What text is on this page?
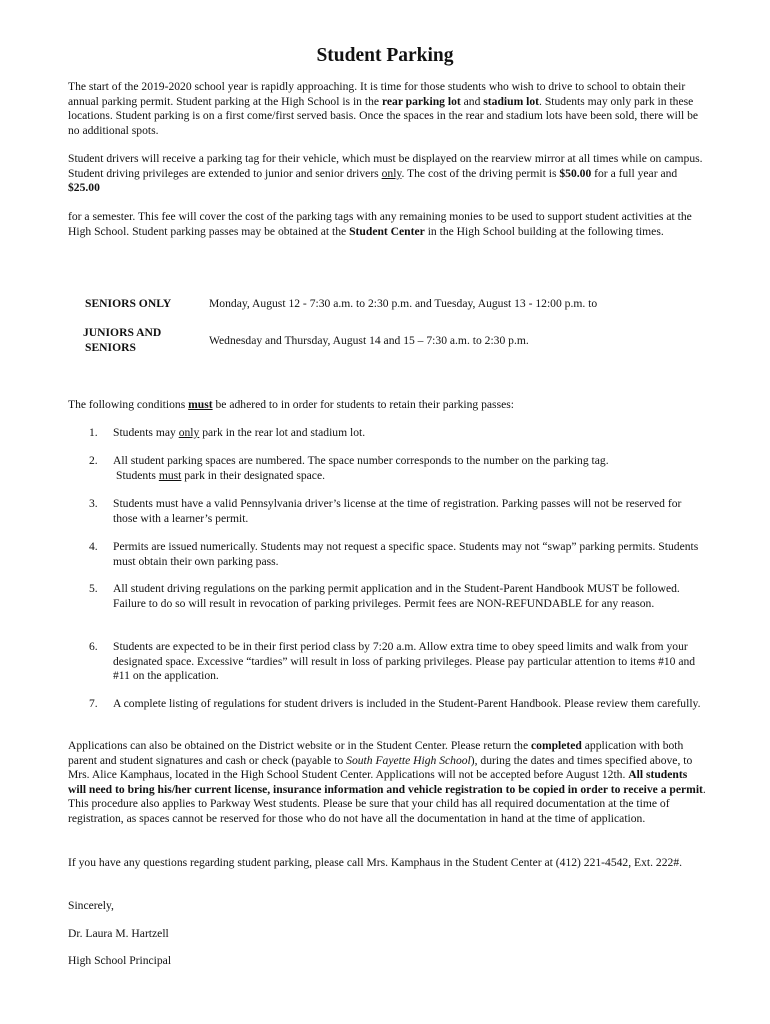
Student Parking

The start of the 2019-2020 school year is rapidly approaching. It is time for those students who wish to drive to school to obtain their annual parking permit. Student parking at the High School is in the rear parking lot and stadium lot. Students may only park in these locations. Student parking is on a first come/first served basis. Once the spaces in the rear and stadium lots have been sold, there will be no additional spots.

Student drivers will receive a parking tag for their vehicle, which must be displayed on the rearview mirror at all times while on campus. Student driving privileges are extended to junior and senior drivers only. The cost of the driving permit is $50.00 for a full year and $25.00

for a semester. This fee will cover the cost of the parking tags with any remaining monies to be used to support student activities at the High School. Student parking passes may be obtained at the Student Center in the High School building at the following times.

SENIORS ONLY	Monday, August 12 - 7:30 a.m. to 2:30 p.m. and Tuesday, August 13 - 12:00 p.m. to
JUNIORS AND
SENIORS
Wednesday and Thursday, August 14 and 15 – 7:30 a.m. to 2:30 p.m.

The following conditions must be adhered to in order for students to retain their parking passes:

1. Students may only park in the rear lot and stadium lot.
2. All student parking spaces are numbered. The space number corresponds to the number on the parking tag.
Students must park in their designated space.
3. Students must have a valid Pennsylvania driver’s license at the time of registration. Parking passes will not be reserved for those with a learner’s permit.
4. Permits are issued numerically. Students may not request a specific space. Students may not “swap” parking permits. Students must obtain their own parking pass.
5. All student driving regulations on the parking permit application and in the Student-Parent Handbook MUST be followed. Failure to do so will result in revocation of parking privileges. Permit fees are NON-REFUNDABLE for any reason.
6. Students are expected to be in their first period class by 7:20 a.m. Allow extra time to obey speed limits and walk from your designated space. Excessive “tardies” will result in loss of parking privileges. Please pay particular attention to items #10 and #11 on the application.
7. A complete listing of regulations for student drivers is included in the Student-Parent Handbook. Please review them carefully.

Applications can also be obtained on the District website or in the Student Center. Please return the completed application with both parent and student signatures and cash or check (payable to South Fayette High School), during the dates and times specified above, to Mrs. Alice Kamphaus, located in the High School Student Center. Applications will not be accepted before August 12th. All students will need to bring his/her current license, insurance information and vehicle registration to be copied in order to receive a permit. This procedure also applies to Parkway West students. Please be sure that your child has all required documentation at the time of registration, as spaces cannot be reserved for those who do not have all the documentation in hand at the time of application.

If you have any questions regarding student parking, please call Mrs. Kamphaus in the Student Center at (412) 221-4542, Ext. 222#.

Sincerely,

Dr. Laura M. Hartzell

High School Principal
